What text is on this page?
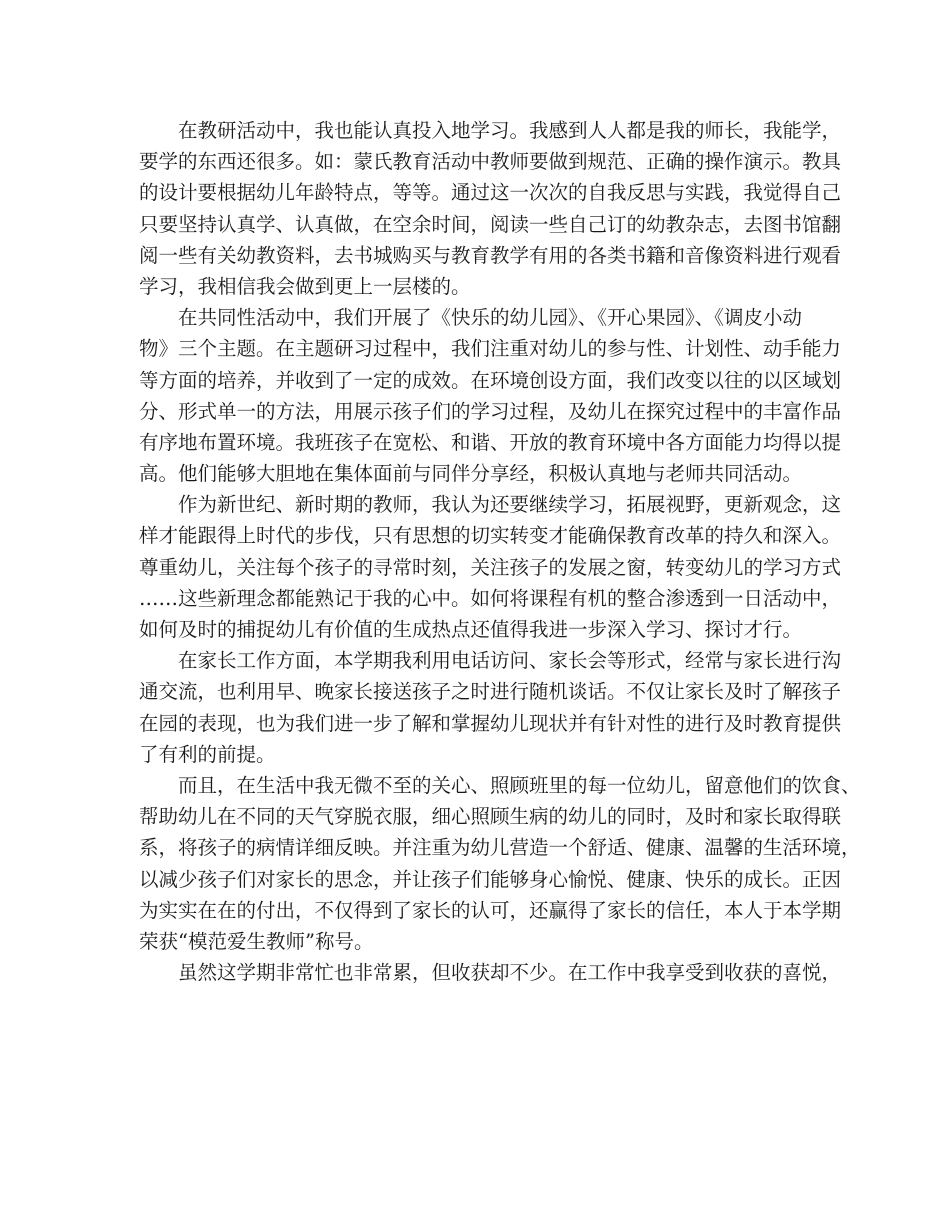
在教研活动中，我也能认真投入地学习。我感到人人都是我的师长，我能学，
要学的东西还很多。如：蒙氏教育活动中教师要做到规范、正确的操作演示。教具
的设计要根据幼儿年龄特点，等等。通过这一次次的自我反思与实践，我觉得自己
只要坚持认真学、认真做，在空余时间，阅读一些自己订的幼教杂志，去图书馆翻
阅一些有关幼教资料，去书城购买与教育教学有用的各类书籍和音像资料进行观看
学习，我相信我会做到更上一层楼的。
在共同性活动中，我们开展了《快乐的幼儿园》、《开心果园》、《调皮小动
物》三个主题。在主题研习过程中，我们注重对幼儿的参与性、计划性、动手能力
等方面的培养，并收到了一定的成效。在环境创设方面，我们改变以往的以区域划
分、形式单一的方法，用展示孩子们的学习过程，及幼儿在探究过程中的丰富作品
有序地布置环境。我班孩子在宽松、和谐、开放的教育环境中各方面能力均得以提
高。他们能够大胆地在集体面前与同伴分享经，积极认真地与老师共同活动。
作为新世纪、新时期的教师，我认为还要继续学习，拓展视野，更新观念，这
样才能跟得上时代的步伐，只有思想的切实转变才能确保教育改革的持久和深入。
尊重幼儿，关注每个孩子的寻常时刻，关注孩子的发展之窗，转变幼儿的学习方式
……这些新理念都能熟记于我的心中。如何将课程有机的整合渗透到一日活动中，
如何及时的捕捉幼儿有价值的生成热点还值得我进一步深入学习、探讨才行。
在家长工作方面，本学期我利用电话访问、家长会等形式，经常与家长进行沟
通交流，也利用早、晚家长接送孩子之时进行随机谈话。不仅让家长及时了解孩子
在园的表现，也为我们进一步了解和掌握幼儿现状并有针对性的进行及时教育提供
了有利的前提。
而且，在生活中我无微不至的关心、照顾班里的每一位幼儿，留意他们的饮食、
帮助幼儿在不同的天气穿脱衣服，细心照顾生病的幼儿的同时，及时和家长取得联
系，将孩子的病情详细反映。并注重为幼儿营造一个舒适、健康、温馨的生活环境，
以减少孩子们对家长的思念，并让孩子们能够身心愉悦、健康、快乐的成长。正因
为实实在在的付出，不仅得到了家长的认可，还赢得了家长的信任，本人于本学期
荣获“模范爱生教师”称号。
虽然这学期非常忙也非常累，但收获却不少。在工作中我享受到收获的喜悦，
